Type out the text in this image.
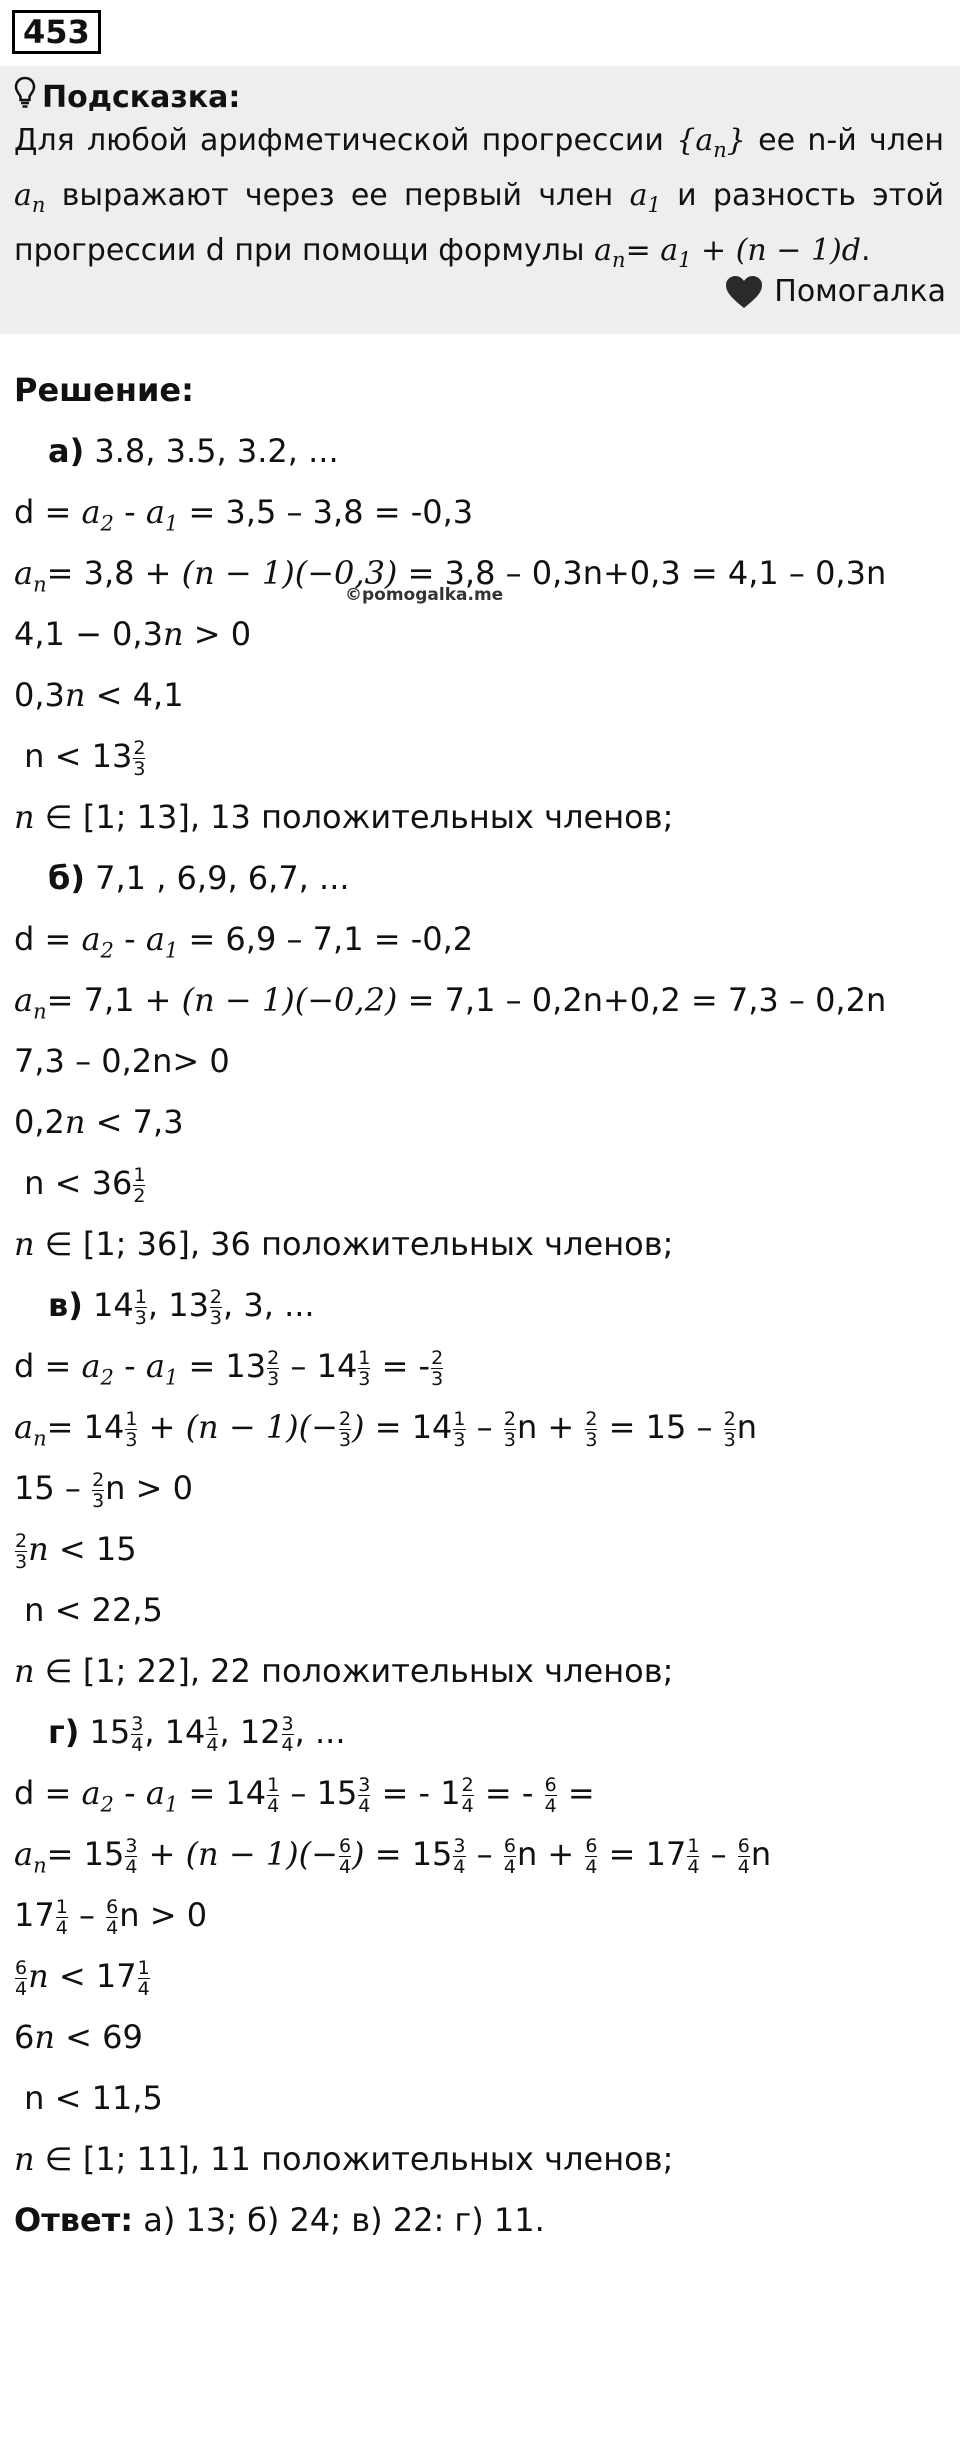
453
Подсказка:
Для любой арифметической прогрессии $\{a_n\}$ ее n-й член $a_n$ выражают через ее первый член $a_1$ и разность этой прогрессии d при помощи формулы $a_n= a_1 + (n - 1)d$.
Помогалка
©pomogalka.me
Решение:
а) 3.8, 3.5, 3.2, ...
$d = a_2 - a_1 = 3,5 - 3,8 = -0,3$
$a_n= 3,8 + (n - 1)(-0,3) = 3,8 - 0,3n+0,3 = 4,1 - 0,3n$
4,1 − 0,3n > 0
0,3n < 4,1
$n < 13 \frac{2}{3}$
n ∈ [1; 13], 13 положительных членов;
б) 7,1 , 6,9, 6,7, ...
$d = a_2 - a_1 = 6,9 - 7,1 = -0,2$
$a_n= 7,1 + (n - 1)(-0,2) = 7,1 - 0,2n+0,2 = 7,3 - 0,2n$
7,3 – 0,2n> 0
0,2n < 7,3
$n < 36 \frac{1}{2}$
n ∈ [1; 36], 36 положительных членов;
в) $14 \frac{1}{3}$ , $13 \frac{2}{3}$ , 3, ...
$d = a_2 - a_1 = 13 \frac{2}{3} - 14 \frac{1}{3}$ = - $\frac{2}{3}$
$a_n= 14 \frac{1}{3} + (n - 1)(- \frac{2}{3}$ ) = $14 \frac{1}{3} - \frac{2}{3}$ $n + \frac{2}{3} = 15 - \frac{2}{3}$ n
$15 - \frac{2}{3}$ n > 0
$\frac{2}{3}$ n < 15
n < 22,5
n ∈ [1; 22], 22 положительных членов;
г) $15 \frac{3}{4}$ , $14 \frac{1}{4}$ , $12 \frac{3}{4}$ , ...
$d = a_2 - a_1 = 14 \frac{1}{4} - 15 \frac{3}{4}$ = - $1 \frac{2}{4}$ = - $\frac{6}{4}$ =
$a_n= 15 \frac{3}{4} + (n - 1)(- \frac{6}{4}$ ) = $15 \frac{3}{4} - \frac{6}{4}$ $n + \frac{6}{4} = 17 \frac{1}{4} - \frac{6}{4}$ n
$17 \frac{1}{4} - \frac{6}{4}$ n > 0
$\frac{6}{4}$ $n < 17 \frac{1}{4}$
6n < 69
n < 11,5
n ∈ [1; 11], 11 положительных членов;
Ответ: а) 13; б) 24; в) 22: г) 11.
